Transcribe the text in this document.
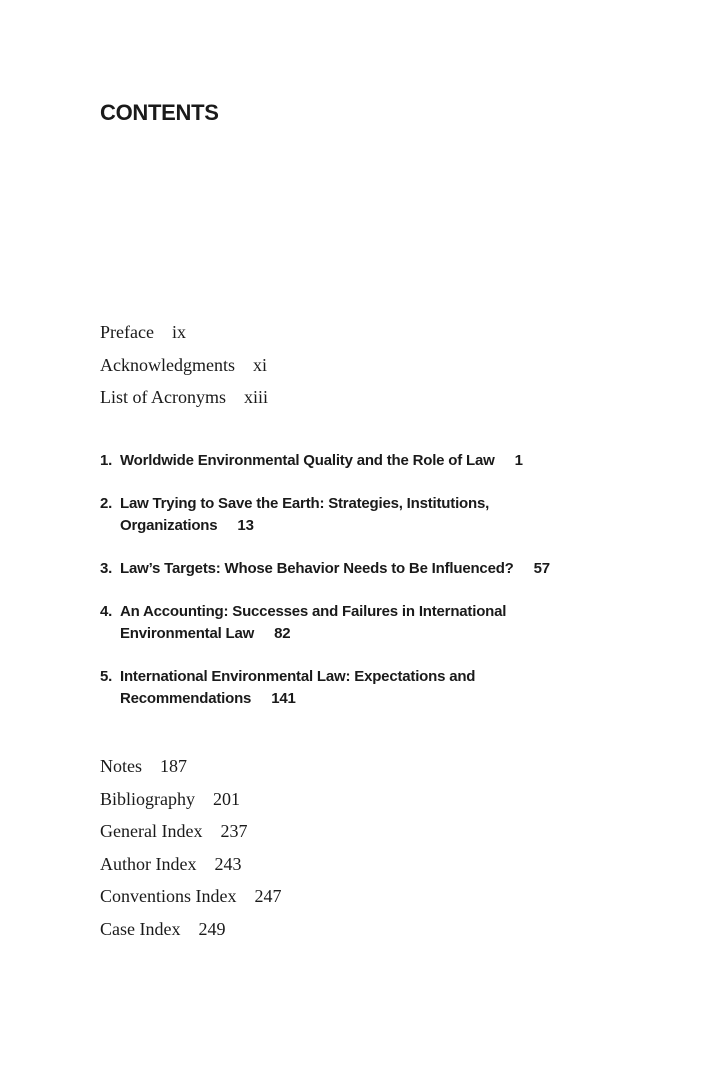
CONTENTS
Preface ix
Acknowledgments xi
List of Acronyms xiii
1. Worldwide Environmental Quality and the Role of Law 1
2. Law Trying to Save the Earth: Strategies, Institutions, Organizations 13
3. Law’s Targets: Whose Behavior Needs to Be Influenced? 57
4. An Accounting: Successes and Failures in International Environmental Law 82
5. International Environmental Law: Expectations and Recommendations 141
Notes 187
Bibliography 201
General Index 237
Author Index 243
Conventions Index 247
Case Index 249
